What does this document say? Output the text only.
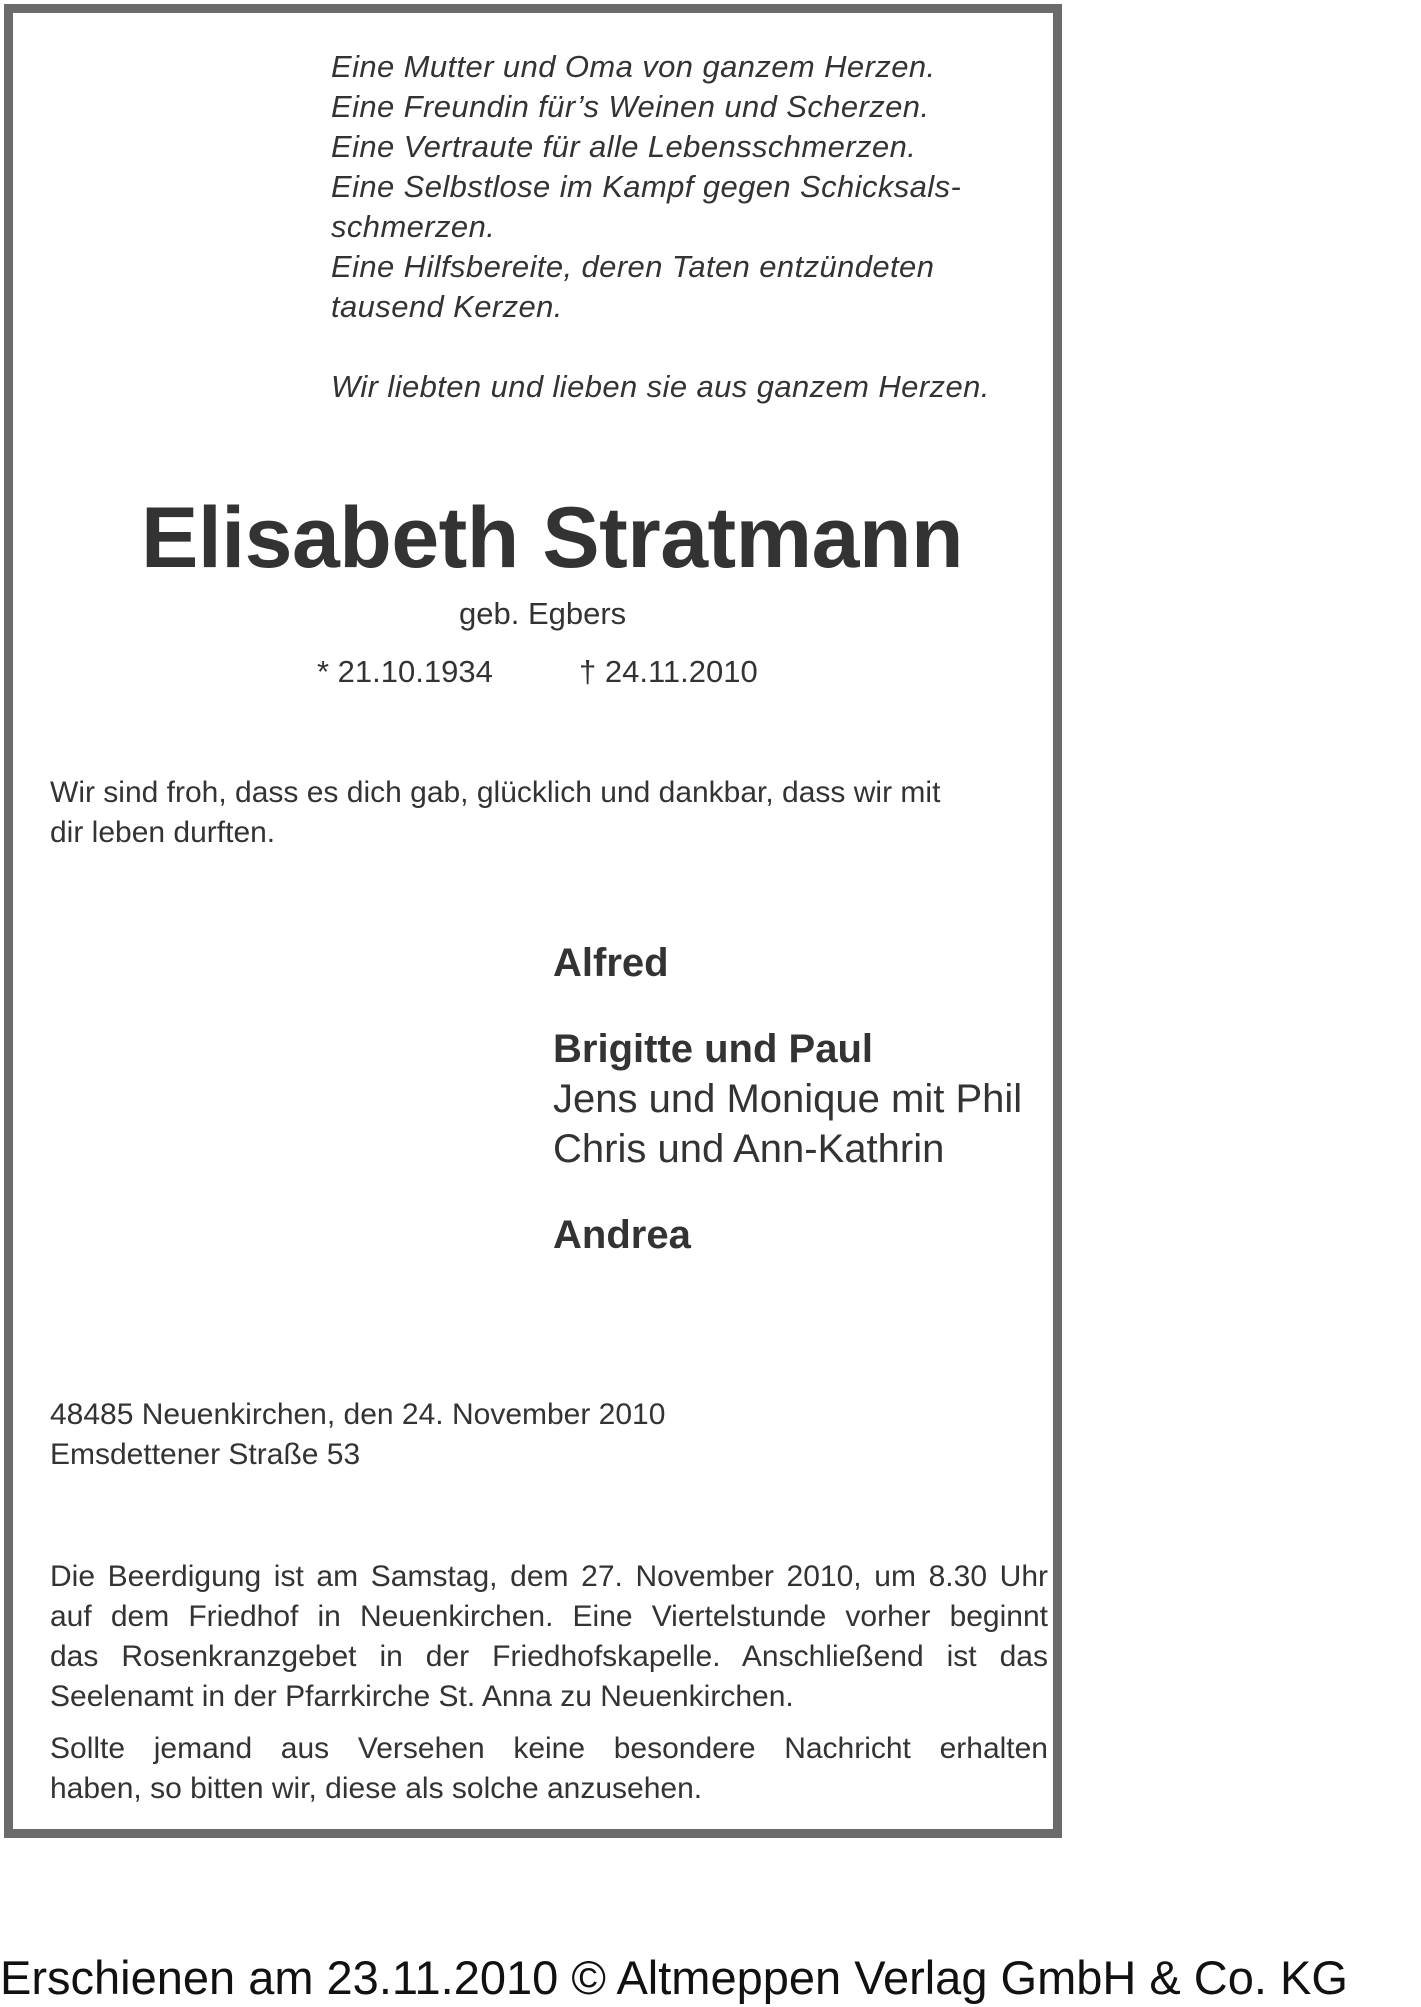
Eine Mutter und Oma von ganzem Herzen.
Eine Freundin für’s Weinen und Scherzen.
Eine Vertraute für alle Lebensschmerzen.
Eine Selbstlose im Kampf gegen Schicksals-
schmerzen.
Eine Hilfsbereite, deren Taten entzündeten
tausend Kerzen.
Wir liebten und lieben sie aus ganzem Herzen.
Elisabeth Stratmann
geb. Egbers
* 21.10.1934	† 24.11.2010
Wir sind froh, dass es dich gab, glücklich und dankbar, dass wir mit
dir leben durften.
Alfred
Brigitte und Paul
Jens und Monique mit Phil
Chris und Ann-Kathrin
Andrea
48485 Neuenkirchen, den 24. November 2010
Emsdettener Straße 53
Die Beerdigung ist am Samstag, dem 27. November 2010, um 8.30 Uhr
auf dem Friedhof in Neuenkirchen. Eine Viertelstunde vorher beginnt
das Rosenkranzgebet in der Friedhofskapelle. Anschließend ist das
Seelenamt in der Pfarrkirche St. Anna zu Neuenkirchen.
Sollte jemand aus Versehen keine besondere Nachricht erhalten
haben, so bitten wir, diese als solche anzusehen.
Erschienen am 23.11.2010 © Altmeppen Verlag GmbH & Co. KG
